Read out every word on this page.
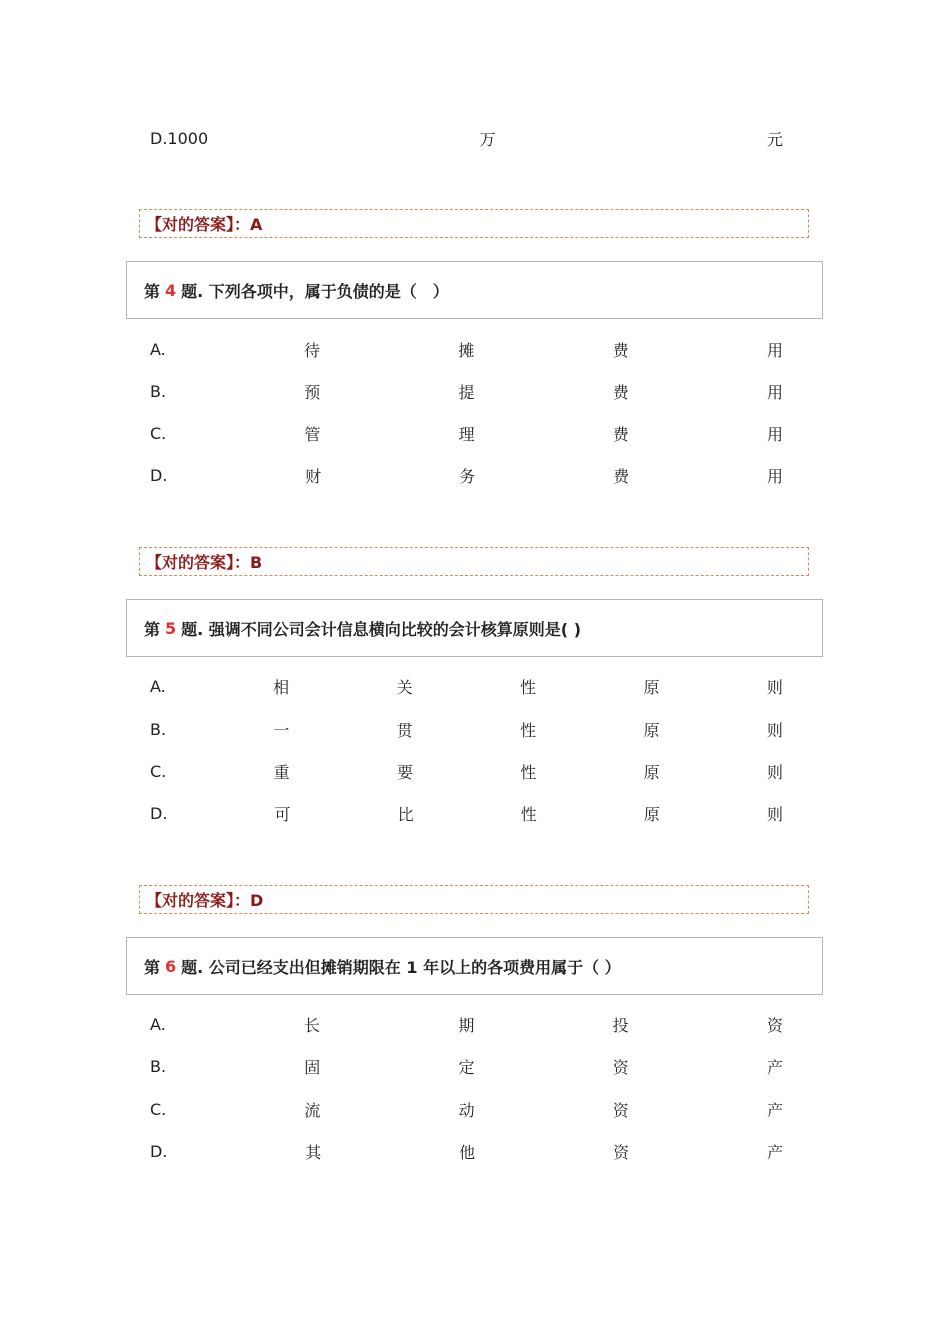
D.1000	万	元
【对的答案】：A
第 4 题. 下列各项中，属于负债的是（　）
A.	待	摊	费	用
B.	预	提	费	用
C.	管	理	费	用
D.	财	务	费	用
【对的答案】：B
第 5 题. 强调不同公司会计信息横向比较的会计核算原则是( )
A.	相	关	性	原	则
B.	一	贯	性	原	则
C.	重	要	性	原	则
D.	可	比	性	原	则
【对的答案】：D
第 6 题. 公司已经支出但摊销期限在 1 年以上的各项费用属于（ ）
A.	长	期	投	资
B.	固	定	资	产
C.	流	动	资	产
D.	其	他	资	产
